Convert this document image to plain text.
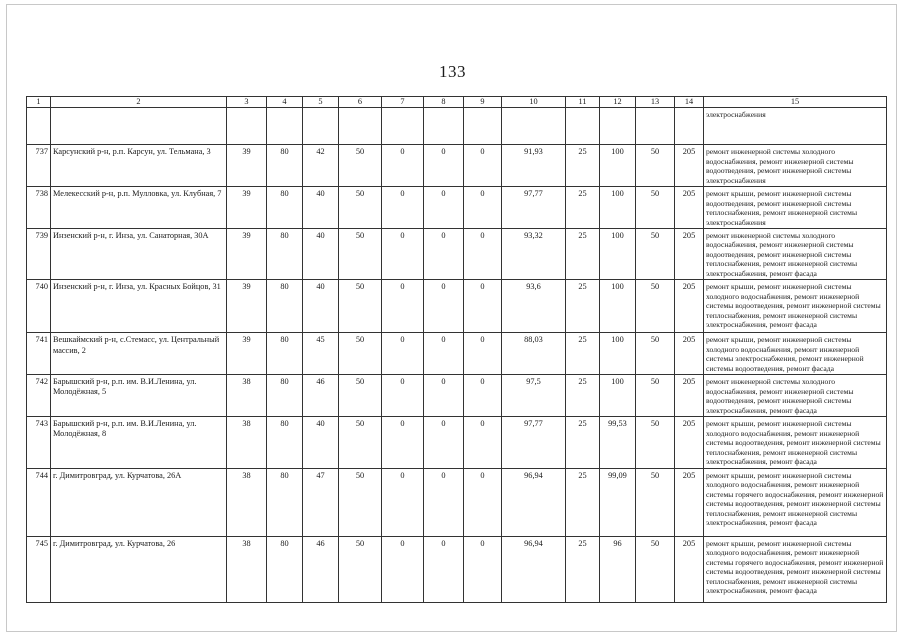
133
1	2	3	4	5	6	7	8	9	10	11	12	13	14	15
														электроснабжения
737	Карсунский р-н, р.п. Карсун, ул. Тельмана, 3	39	80	42	50	0	0	0	91,93	25	100	50	205	ремонт инженерной системы холодного водоснабжения, ремонт инженерной системы водоотведения, ремонт инженерной системы электроснабжения
738	Мелекесский р-н, р.п. Мулловка, ул. Клубная, 7	39	80	40	50	0	0	0	97,77	25	100	50	205	ремонт крыши, ремонт инженерной системы водоотведения, ремонт инженерной системы теплоснабжения, ремонт инженерной системы электроснабжения
739	Инзенский р-н, г. Инза, ул. Санаторная, 30А	39	80	40	50	0	0	0	93,32	25	100	50	205	ремонт инженерной системы холодного водоснабжения, ремонт инженерной системы водоотведения, ремонт инженерной системы теплоснабжения, ремонт инженерной системы электроснабжения, ремонт фасада
740	Инзенский р-н, г. Инза, ул. Красных Бойцов, 31	39	80	40	50	0	0	0	93,6	25	100	50	205	ремонт крыши, ремонт инженерной системы холодного водоснабжения, ремонт инженерной системы водоотведения, ремонт инженерной системы теплоснабжения, ремонт инженерной системы электроснабжения, ремонт фасада
741	Вешкаймский р-н, с.Стемасс, ул. Центральный массив, 2	39	80	45	50	0	0	0	88,03	25	100	50	205	ремонт крыши, ремонт инженерной системы холодного водоснабжения, ремонт инженерной системы электроснабжения, ремонт инженерной системы водоотведения, ремонт фасада
742	Барышский р-н, р.п. им. В.И.Ленина, ул. Молодёжная, 5	38	80	46	50	0	0	0	97,5	25	100	50	205	ремонт инженерной системы холодного водоснабжения, ремонт инженерной системы водоотведения, ремонт инженерной системы электроснабжения, ремонт фасада
743	Барышский р-н, р.п. им. В.И.Ленина, ул. Молодёжная, 8	38	80	40	50	0	0	0	97,77	25	99,53	50	205	ремонт крыши, ремонт инженерной системы холодного водоснабжения, ремонт инженерной системы водоотведения, ремонт инженерной системы теплоснабжения, ремонт инженерной системы электроснабжения, ремонт фасада
744	г. Димитровград, ул. Курчатова, 26А	38	80	47	50	0	0	0	96,94	25	99,09	50	205	ремонт крыши, ремонт инженерной системы холодного водоснабжения, ремонт инженерной системы горячего водоснабжения, ремонт инженерной системы водоотведения, ремонт инженерной системы теплоснабжения, ремонт инженерной системы электроснабжения, ремонт фасада
745	г. Димитровград, ул. Курчатова, 26	38	80	46	50	0	0	0	96,94	25	96	50	205	ремонт крыши, ремонт инженерной системы холодного водоснабжения, ремонт инженерной системы горячего водоснабжения, ремонт инженерной системы водоотведения, ремонт инженерной системы теплоснабжения, ремонт инженерной системы электроснабжения, ремонт фасада
